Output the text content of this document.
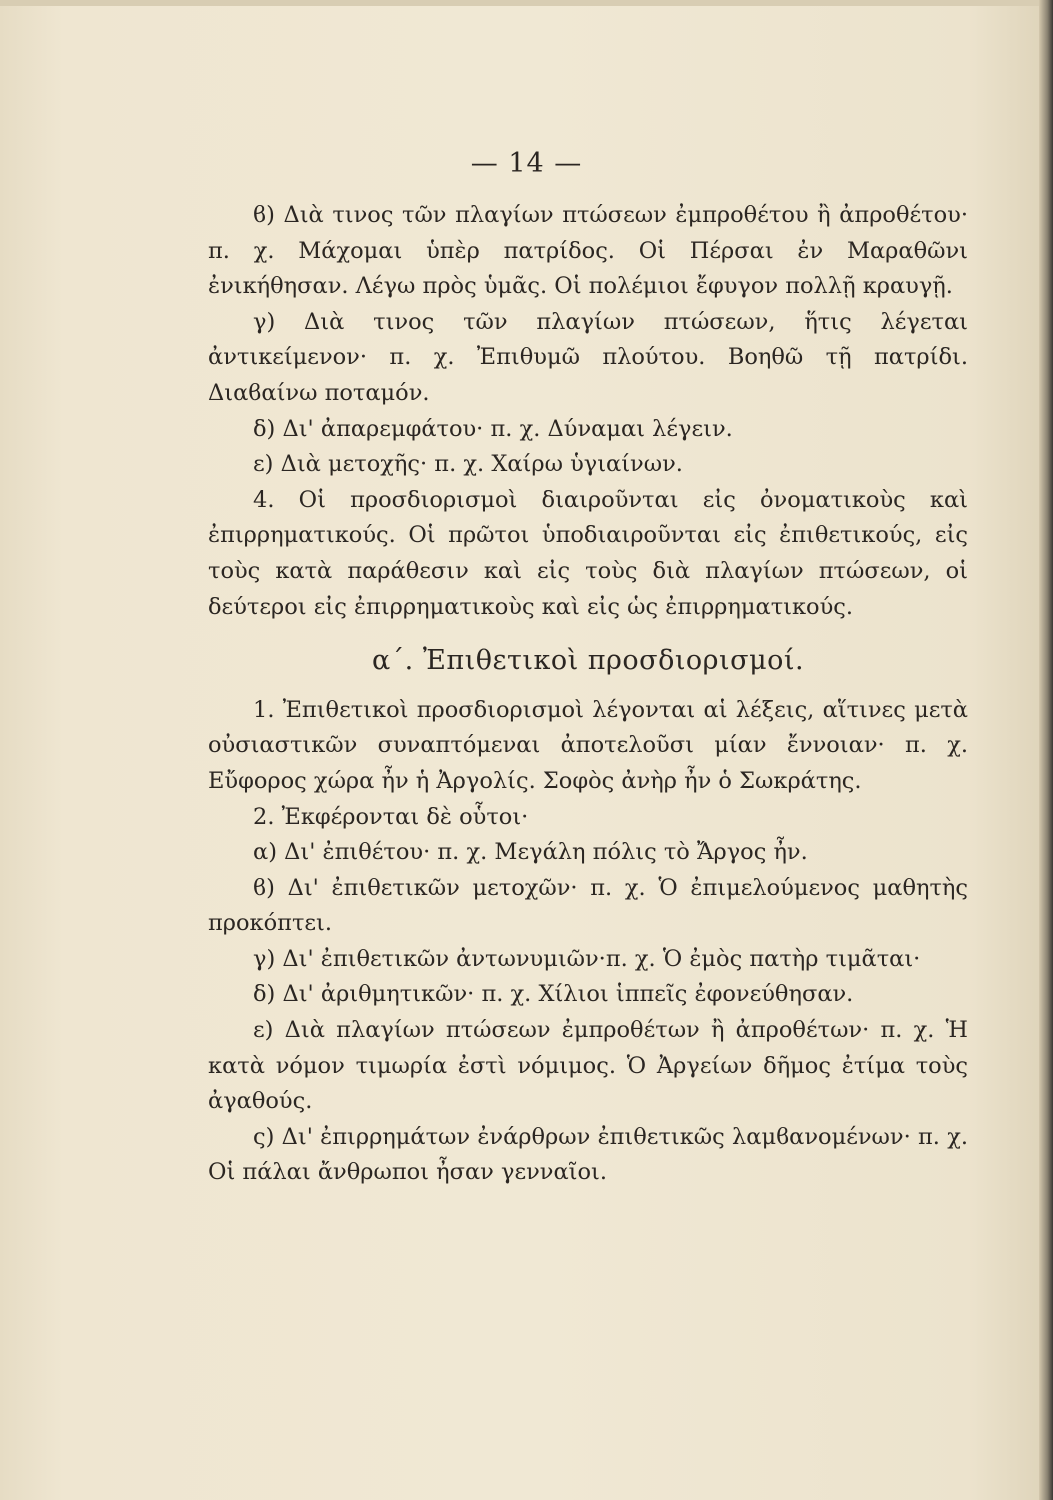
— 14 —

ϐ) Διὰ τινος τῶν πλαγίων πτώσεων ἐμπροθέτου ἢ ἀπροθέτου· π. χ. Μάχομαι ὑπὲρ πατρίδος. Οἱ Πέρσαι ἐν Μαραθῶνι ἐνικήθησαν. Λέγω πρὸς ὑμᾶς. Οἱ πολέμιοι ἔφυγον πολλῇ κραυγῇ.

γ) Διὰ τινος τῶν πλαγίων πτώσεων, ἥτις λέγεται ἀντικείμενον· π. χ. Ἐπιθυμῶ πλούτου. Βοηθῶ τῇ πατρίδι. Διαϐαίνω ποταμόν.

δ) Δι' ἀπαρεμφάτου· π. χ. Δύναμαι λέγειν.

ε) Διὰ μετοχῆς· π. χ. Χαίρω ὑγιαίνων.

4. Οἱ προσδιορισμοὶ διαιροῦνται εἰς ὀνοματικοὺς καὶ ἐπιρρηματικούς. Οἱ πρῶτοι ὑποδιαιροῦνται εἰς ἐπιθετικούς, εἰς τοὺς κατὰ παράθεσιν καὶ εἰς τοὺς διὰ πλαγίων πτώσεων, οἱ δεύτεροι εἰς ἐπιρρηματικοὺς καὶ εἰς ὡς ἐπιρρηματικούς.

α΄. Ἐπιθετικοὶ προσδιορισμοί.

1. Ἐπιθετικοὶ προσδιορισμοὶ λέγονται αἱ λέξεις, αἵτινες μετὰ οὐσιαστικῶν συναπτόμεναι ἀποτελοῦσι μίαν ἔννοιαν· π. χ. Εὔφορος χώρα ἦν ἡ Ἀργολίς. Σοφὸς ἀνὴρ ἦν ὁ Σωκράτης.

2. Ἐκφέρονται δὲ οὗτοι·

α) Δι' ἐπιθέτου· π. χ. Μεγάλη πόλις τὸ Ἄργος ἦν.

ϐ) Δι' ἐπιθετικῶν μετοχῶν· π. χ. Ὁ ἐπιμελούμενος μαθητὴς προκόπτει.

γ) Δι' ἐπιθετικῶν ἀντωνυμιῶν·π. χ. Ὁ ἐμὸς πατὴρ τιμᾶται·

δ) Δι' ἀριθμητικῶν· π. χ. Χίλιοι ἱππεῖς ἐφονεύθησαν.

ε) Διὰ πλαγίων πτώσεων ἐμπροθέτων ἢ ἀπροθέτων· π. χ. Ἡ κατὰ νόμον τιμωρία ἐστὶ νόμιμος. Ὁ Ἀργείων δῆμος ἐτίμα τοὺς ἀγαθούς.

ς) Δι' ἐπιρρημάτων ἐνάρθρων ἐπιθετικῶς λαμϐανομένων· π. χ. Οἱ πάλαι ἄνθρωποι ἦσαν γενναῖοι.
